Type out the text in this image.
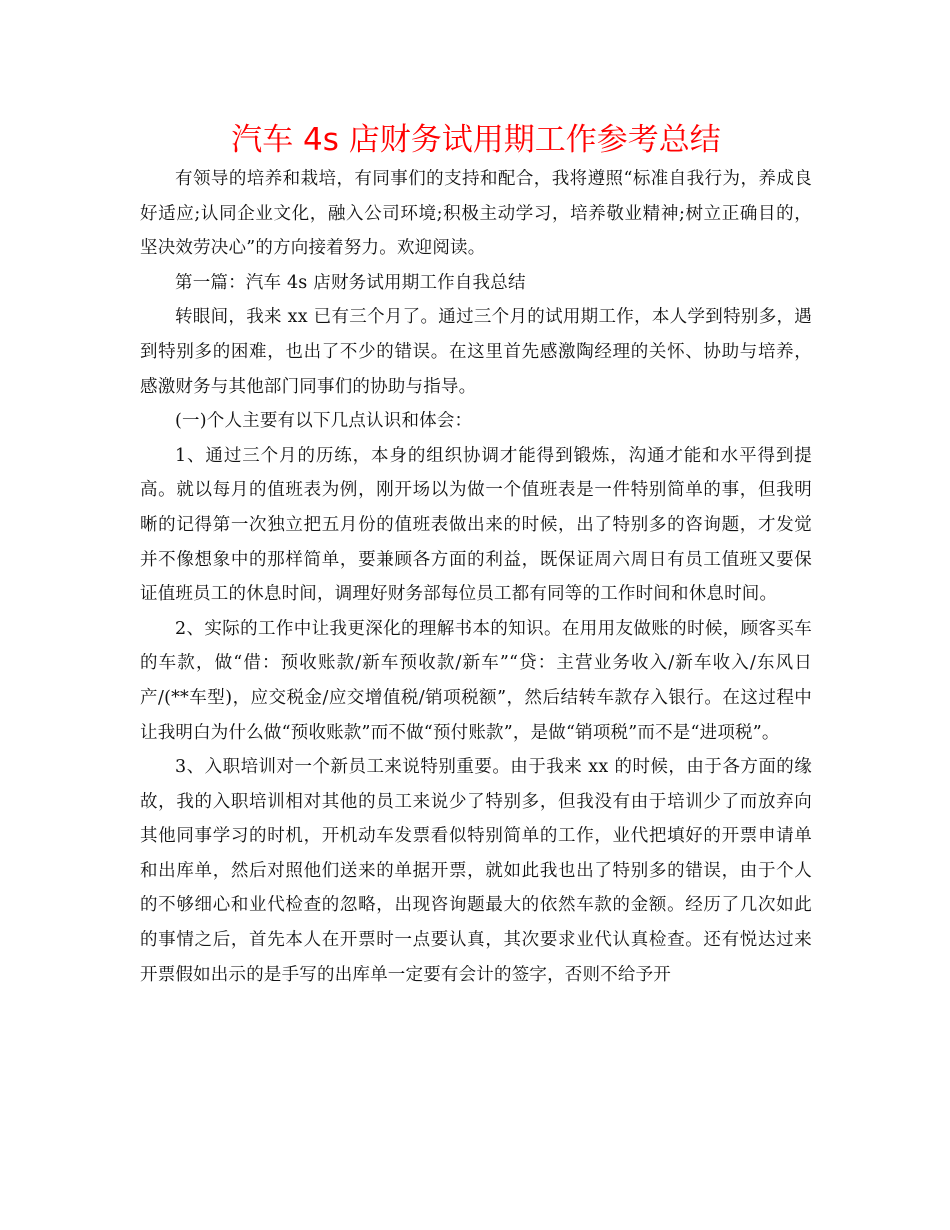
汽车 4s 店财务试用期工作参考总结

有领导的培养和栽培，有同事们的支持和配合，我将遵照“标准自我行为，养成良好适应;认同企业文化，融入公司环境;积极主动学习，培养敬业精神;树立正确目的，坚决效劳决心”的方向接着努力。欢迎阅读。

第一篇：汽车 4s 店财务试用期工作自我总结

转眼间，我来 xx 已有三个月了。通过三个月的试用期工作，本人学到特别多，遇到特别多的困难，也出了不少的错误。在这里首先感激陶经理的关怀、协助与培养，感激财务与其他部门同事们的协助与指导。

(一)个人主要有以下几点认识和体会：

1、通过三个月的历练，本身的组织协调才能得到锻炼，沟通才能和水平得到提高。就以每月的值班表为例，刚开场以为做一个值班表是一件特别简单的事，但我明晰的记得第一次独立把五月份的值班表做出来的时候，出了特别多的咨询题，才发觉并不像想象中的那样简单，要兼顾各方面的利益，既保证周六周日有员工值班又要保证值班员工的休息时间，调理好财务部每位员工都有同等的工作时间和休息时间。

2、实际的工作中让我更深化的理解书本的知识。在用用友做账的时候，顾客买车的车款，做“借：预收账款/新车预收款/新车”“贷：主营业务收入/新车收入/东风日产/(**车型)，应交税金/应交增值税/销项税额”，然后结转车款存入银行。在这过程中让我明白为什么做“预收账款”而不做“预付账款”，是做“销项税”而不是“进项税”。

3、入职培训对一个新员工来说特别重要。由于我来 xx 的时候，由于各方面的缘故，我的入职培训相对其他的员工来说少了特别多，但我没有由于培训少了而放弃向其他同事学习的时机，开机动车发票看似特别简单的工作，业代把填好的开票申请单和出库单，然后对照他们送来的单据开票，就如此我也出了特别多的错误，由于个人的不够细心和业代检查的忽略，出现咨询题最大的依然车款的金额。经历了几次如此的事情之后，首先本人在开票时一点要认真，其次要求业代认真检查。还有悦达过来开票假如出示的是手写的出库单一定要有会计的签字，否则不给予开
